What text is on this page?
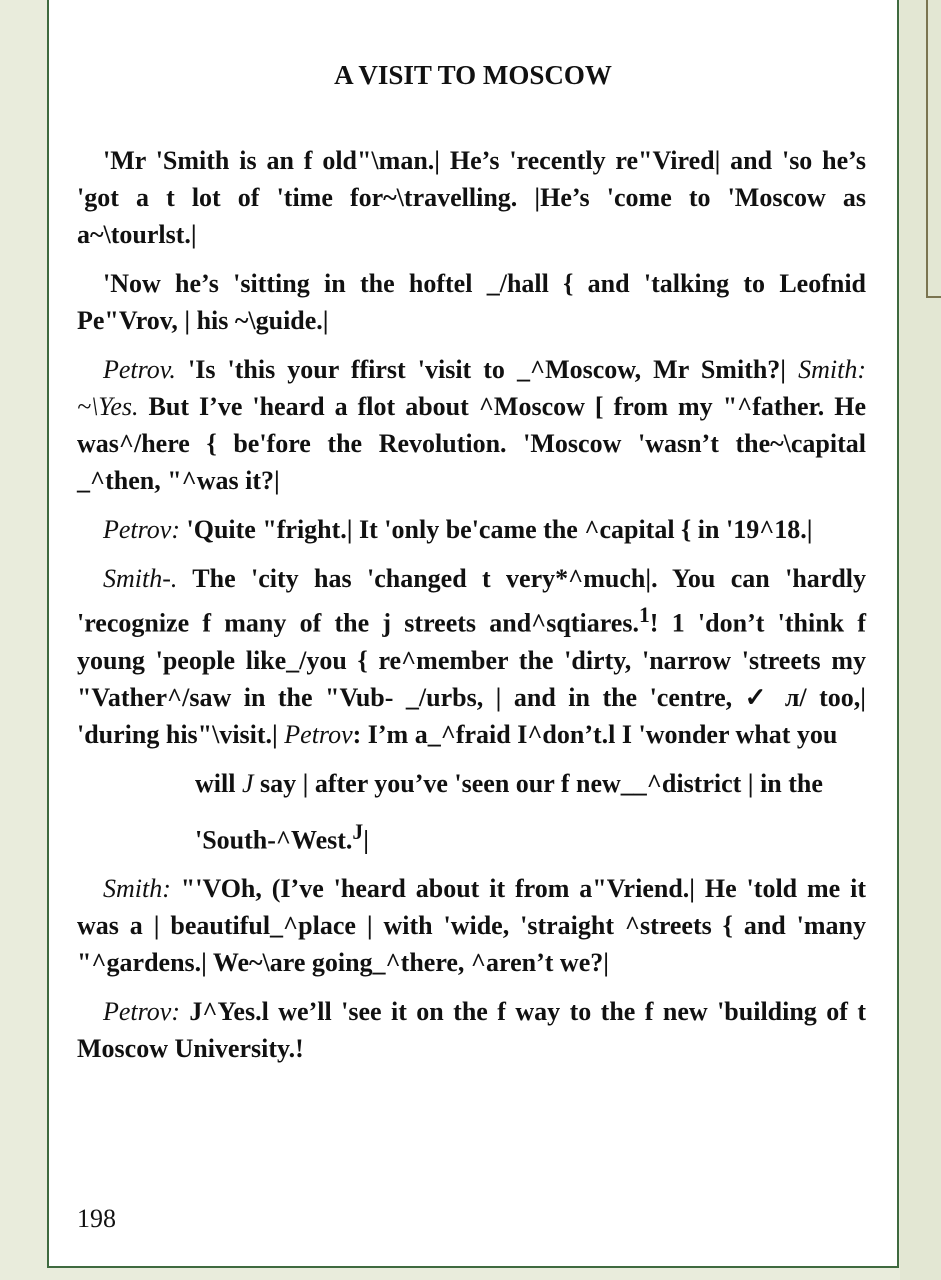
A VISIT TO MOSCOW

'Mr 'Smith is an f old"\man.| He’s 'recently re"Vired| and 'so he’s 'got a t lot of 'time for~\travelling. |He’s 'come to 'Moscow as a~\tourlst.|

'Now he’s 'sitting in the hoftel _/hall { and 'talking to Leofnid Pe"Vrov, | his ~\guide.|

Petrov. 'Is 'this your ffirst 'visit to _^Moscow, Mr Smith?| Smith: ~\Yes. But I’ve 'heard a flot about ^Moscow [ from my "^father. He was^/here { be'fore the Revolution. 'Moscow 'wasn’t the~\capital _^then, "^was it?|

Petrov: 'Quite "fright.| It 'only be'came the ^capital { in '19^18.|

Smith-. The 'city has 'changed t very*^much|. You can 'hardly 'recognize f many of the j streets and^sqtiares.$^1$! 1 'don’t 'think f young 'people like_/you { re^member the 'dirty, 'narrow 'streets my "Vather^/saw in the "Vub- _/urbs, | and in the 'centre, ✓ л/ too,| 'during his"\visit.| Petrov: I’m a_^fraid I^don’t.l I 'wonder what you

will J say | after you’ve 'seen our f new__^district | in the

'South-^West.$^J$|

Smith: "'VOh, (I’ve 'heard about it from a"Vriend.| He 'told me it was a | beautiful_^place | with 'wide, 'straight ^streets { and 'many "^gardens.| We~\are going_^there, ^aren’t we?|

Petrov: J^Yes.l we’ll 'see it on the f way to the f new 'building of t Moscow University.!

198
